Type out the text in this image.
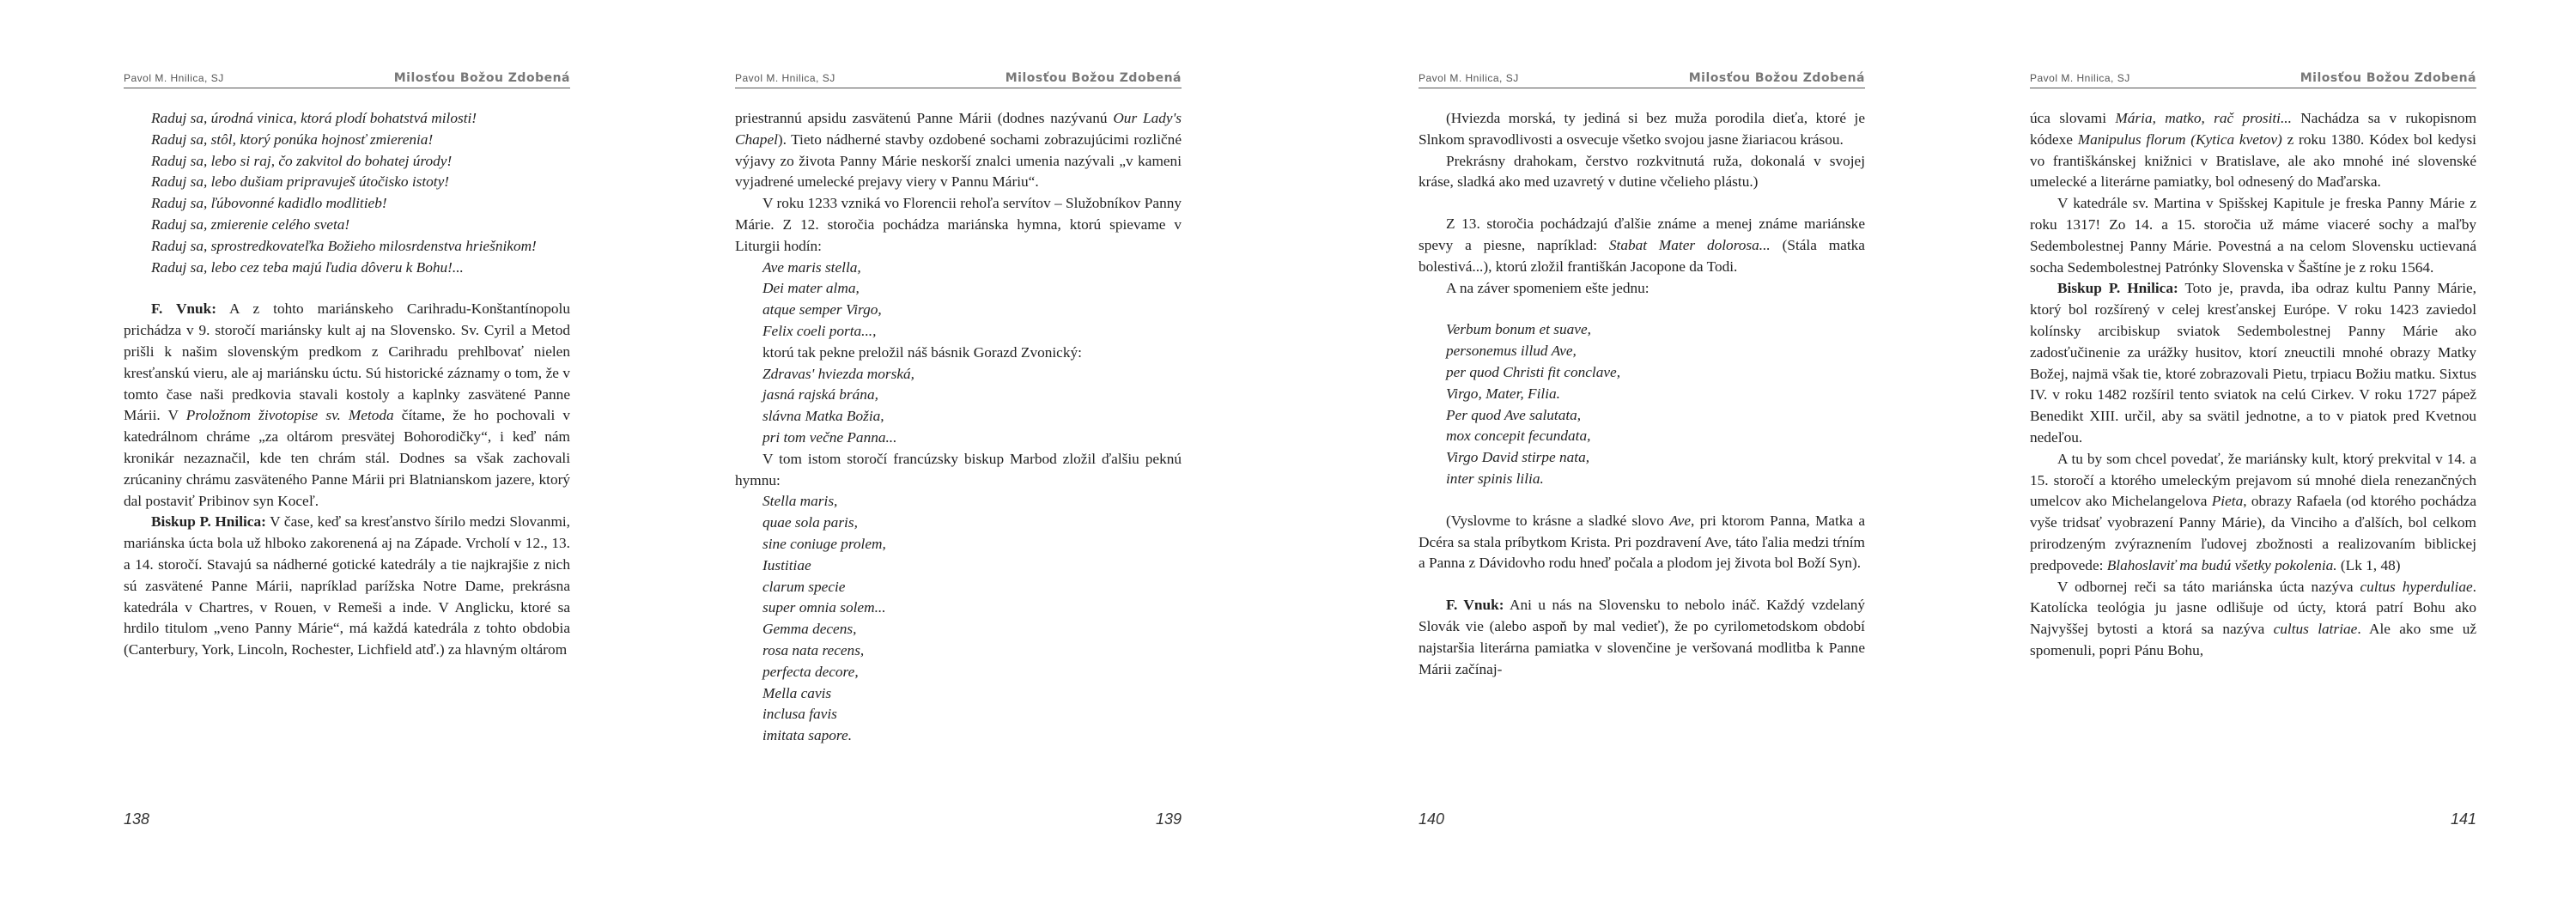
Pavol M. Hnilica, SJ	Milosťou Božou Zdobená
Raduj sa, úrodná vinica, ktorá plodí bohatstvá milosti!
Raduj sa, stôl, ktorý ponúka hojnosť zmierenia!
Raduj sa, lebo si raj, čo zakvitol do bohatej úrody!
Raduj sa, lebo dušiam pripravuješ útočisko istoty!
Raduj sa, ľúbovonné kadidlo modlitieb!
Raduj sa, zmierenie celého sveta!
Raduj sa, sprostredkovateľka Božieho milosrdenstva hriešnikom!
Raduj sa, lebo cez teba majú ľudia dôveru k Bohu!...

F. Vnuk: A z tohto mariánskeho Carihradu-Konštantínopolu prichádza v 9. storočí mariánsky kult aj na Slovensko. Sv. Cyril a Metod prišli k našim slovenským predkom z Carihradu prehlbovať nielen kresťanskú vieru, ale aj mariánsku úctu. Sú historické záznamy o tom, že v tomto čase naši predkovia stavali kostoly a kaplnky zasvätené Panne Márii. V Proložnom životopise sv. Metoda čítame, že ho pochovali v katedrálnom chráme „za oltárom presvätej Bohorodičky“, i keď nám kronikár nezaznačil, kde ten chrám stál. Dodnes sa však zachovali zrúcaniny chrámu zasväteného Panne Márii pri Blatnianskom jazere, ktorý dal postaviť Pribinov syn Koceľ.

Biskup P. Hnilica: V čase, keď sa kresťanstvo šírilo medzi Slovanmi, mariánska úcta bola už hlboko zakorenená aj na Západe. Vrcholí v 12., 13. a 14. storočí. Stavajú sa nádherné gotické katedrály a tie najkrajšie z nich sú zasvätené Panne Márii, napríklad parížska Notre Dame, prekrásna katedrála v Chartres, v Rouen, v Remeši a inde. V Anglicku, ktoré sa hrdilo titulom „veno Panny Márie“, má každá katedrála z tohto obdobia (Canterbury, York, Lincoln, Rochester, Lichfield atď.) za hlavným oltárom

138
Pavol M. Hnilica, SJ	Milosťou Božou Zdobená

priestrannú apsidu zasvätenú Panne Márii (dodnes nazývanú Our Lady's Chapel). Tieto nádherné stavby ozdobené sochami zobrazujúcimi rozličné výjavy zo života Panny Márie neskorší znalci umenia nazývali „v kameni vyjadrené umelecké prejavy viery v Pannu Máriu“.

V roku 1233 vzniká vo Florencii rehoľa servítov – Služobníkov Panny Márie. Z 12. storočia pochádza mariánska hymna, ktorú spievame v Liturgii hodín:

Ave maris stella,
Dei mater alma,
atque semper Virgo,
Felix coeli porta...,

ktorú tak pekne preložil náš básnik Gorazd Zvonický:

Zdravas' hviezda morská,
jasná rajská brána,
slávna Matka Božia,
pri tom večne Panna...

V tom istom storočí francúzsky biskup Marbod zložil ďalšiu peknú hymnu:

Stella maris,
quae sola paris,
sine coniuge prolem,
Iustitiae
clarum specie
super omnia solem...
Gemma decens,
rosa nata recens,
perfecta decore,
Mella cavis
inclusa favis
imitata sapore.
139
Pavol M. Hnilica, SJ	Milosťou Božou Zdobená

(Hviezda morská, ty jediná si bez muža porodila dieťa, ktoré je Slnkom spravodlivosti a osvecuje všetko svojou jasne žiariacou krásou.

Prekrásny drahokam, čerstvo rozkvitnutá ruža, dokonalá v svojej kráse, sladká ako med uzavretý v dutine včelieho plástu.)

Z 13. storočia pochádzajú ďalšie známe a menej známe mariánske spevy a piesne, napríklad: Stabat Mater dolorosa... (Stála matka bolestivá...), ktorú zložil františkán Jacopone da Todi.

A na záver spomeniem ešte jednu:

Verbum bonum et suave,
personemus illud Ave,
per quod Christi fit conclave,
Virgo, Mater, Filia.
Per quod Ave salutata,
mox concepit fecundata,
Virgo David stirpe nata,
inter spinis lilia.

(Vyslovme to krásne a sladké slovo Ave, pri ktorom Panna, Matka a Dcéra sa stala príbytkom Krista. Pri pozdravení Ave, táto ľalia medzi tŕním a Panna z Dávidovho rodu hneď počala a plodom jej života bol Boží Syn).

F. Vnuk: Ani u nás na Slovensku to nebolo ináč. Každý vzdelaný Slovák vie (alebo aspoň by mal vedieť), že po cyrilometodskom období najstaršia literárna pamiatka v slovenčine je veršovaná modlitba k Panne Márii začínaj-

140
Pavol M. Hnilica, SJ	Milosťou Božou Zdobená

úca slovami Mária, matko, rač prositi... Nachádza sa v rukopisnom kódexe Manipulus florum (Kytica kvetov) z roku 1380. Kódex bol kedysi vo františkánskej knižnici v Bratislave, ale ako mnohé iné slovenské umelecké a literárne pamiatky, bol odnesený do Maďarska.

V katedrále sv. Martina v Spišskej Kapitule je freska Panny Márie z roku 1317! Zo 14. a 15. storočia už máme viaceré sochy a maľby Sedembolestnej Panny Márie. Povestná a na celom Slovensku uctievaná socha Sedembolestnej Patrónky Slovenska v Šaštíne je z roku 1564.

Biskup P. Hnilica: Toto je, pravda, iba odraz kultu Panny Márie, ktorý bol rozšírený v celej kresťanskej Európe. V roku 1423 zaviedol kolínsky arcibiskup sviatok Sedembolestnej Panny Márie ako zadosťučinenie za urážky husitov, ktorí zneuctili mnohé obrazy Matky Božej, najmä však tie, ktoré zobrazovali Pietu, trpiacu Božiu matku. Sixtus IV. v roku 1482 rozšíril tento sviatok na celú Cirkev. V roku 1727 pápež Benedikt XIII. určil, aby sa svätil jednotne, a to v piatok pred Kvetnou nedeľou.

A tu by som chcel povedať, že mariánsky kult, ktorý prekvital v 14. a 15. storočí a ktorého umeleckým prejavom sú mnohé diela renezančných umelcov ako Michelangelova Pieta, obrazy Rafaela (od ktorého pochádza vyše tridsať vyobrazení Panny Márie), da Vinciho a ďalších, bol celkom prirodzeným zvýraznením ľudovej zbožnosti a realizovaním biblickej predpovede: Blahoslaviť ma budú všetky pokolenia. (Lk 1, 48)

V odbornej reči sa táto mariánska úcta nazýva cultus hyperduliae. Katolícka teológia ju jasne odlišuje od úcty, ktorá patrí Bohu ako Najvyššej bytosti a ktorá sa nazýva cultus latriae. Ale ako sme už spomenuli, popri Pánu Bohu,

141
